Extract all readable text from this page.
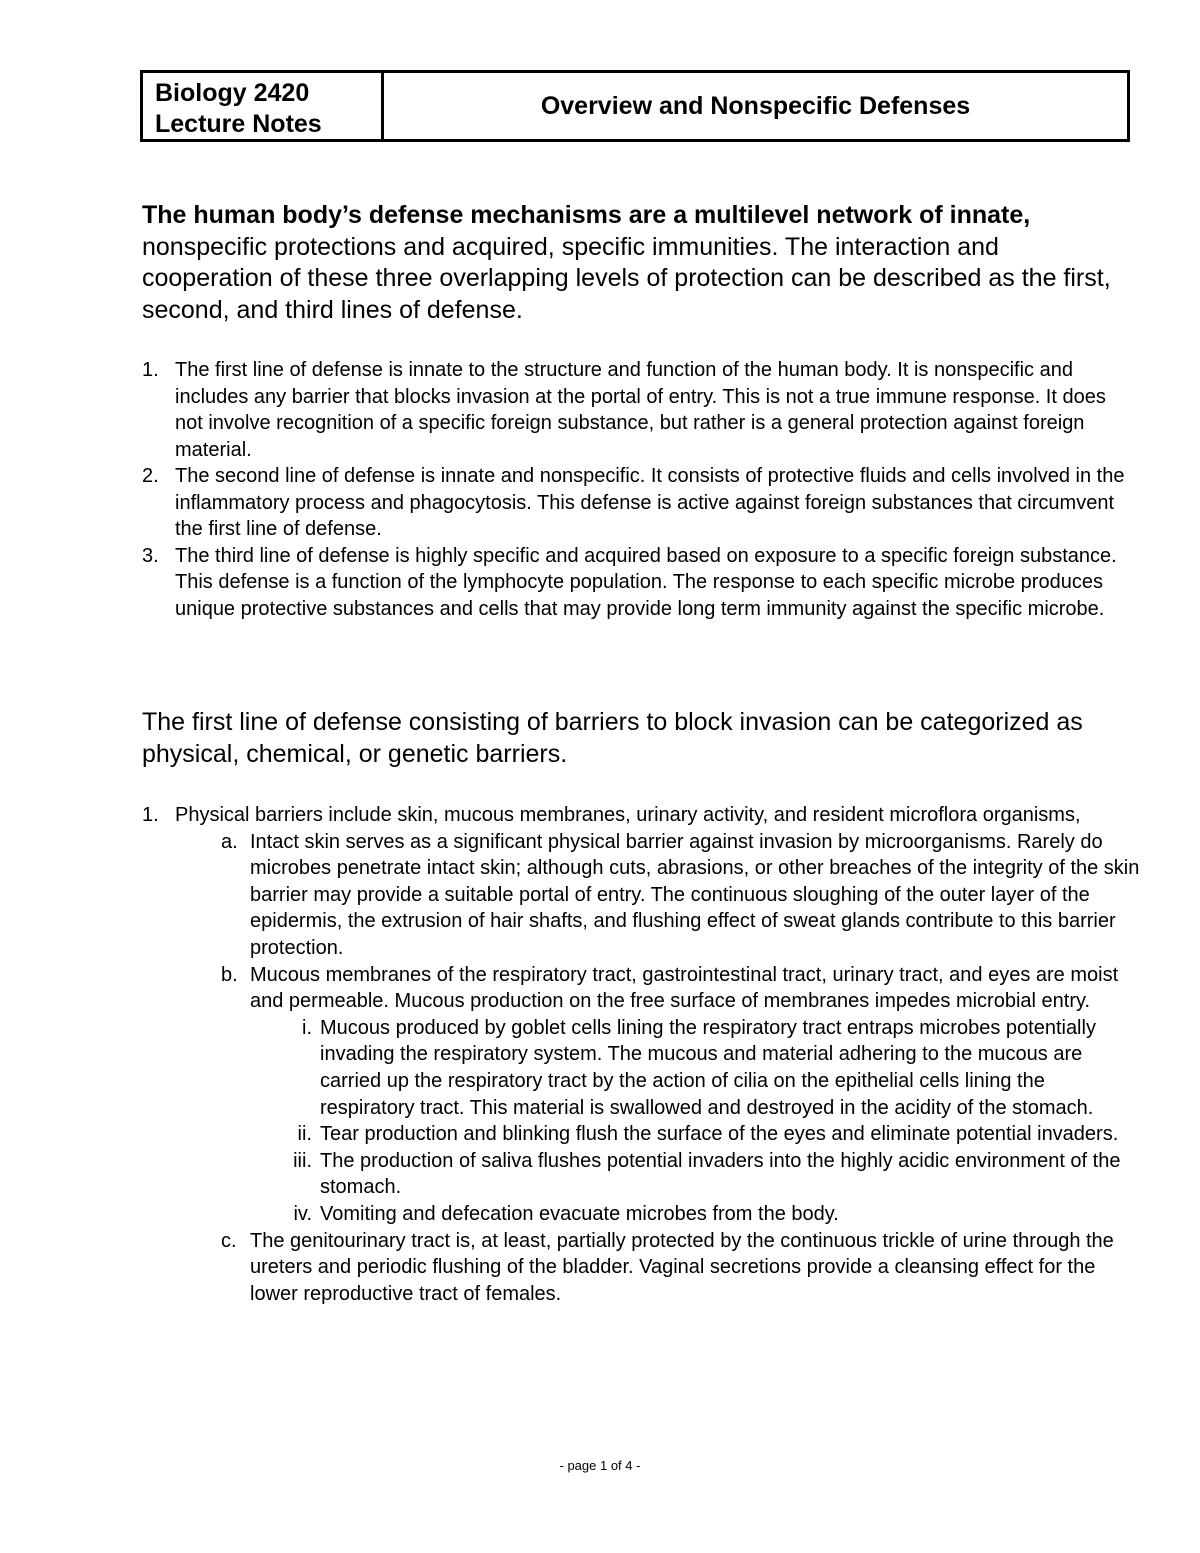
Biology 2420
Lecture Notes
Overview and Nonspecific Defenses
The human body’s defense mechanisms are a multilevel network of innate, nonspecific protections and acquired, specific immunities. The interaction and cooperation of these three overlapping levels of protection can be described as the first, second, and third lines of defense.
1. The first line of defense is innate to the structure and function of the human body. It is nonspecific and includes any barrier that blocks invasion at the portal of entry. This is not a true immune response. It does not involve recognition of a specific foreign substance, but rather is a general protection against foreign material.
2. The second line of defense is innate and nonspecific. It consists of protective fluids and cells involved in the inflammatory process and phagocytosis. This defense is active against foreign substances that circumvent the first line of defense.
3. The third line of defense is highly specific and acquired based on exposure to a specific foreign substance. This defense is a function of the lymphocyte population. The response to each specific microbe produces unique protective substances and cells that may provide long term immunity against the specific microbe.
The first line of defense consisting of barriers to block invasion can be categorized as physical, chemical, or genetic barriers.
1. Physical barriers include skin, mucous membranes, urinary activity, and resident microflora organisms,
a. Intact skin serves as a significant physical barrier against invasion by microorganisms. Rarely do microbes penetrate intact skin; although cuts, abrasions, or other breaches of the integrity of the skin barrier may provide a suitable portal of entry. The continuous sloughing of the outer layer of the epidermis, the extrusion of hair shafts, and flushing effect of sweat glands contribute to this barrier protection.
b. Mucous membranes of the respiratory tract, gastrointestinal tract, urinary tract, and eyes are moist and permeable. Mucous production on the free surface of membranes impedes microbial entry.
i. Mucous produced by goblet cells lining the respiratory tract entraps microbes potentially invading the respiratory system. The mucous and material adhering to the mucous are carried up the respiratory tract by the action of cilia on the epithelial cells lining the respiratory tract. This material is swallowed and destroyed in the acidity of the stomach.
ii. Tear production and blinking flush the surface of the eyes and eliminate potential invaders.
iii. The production of saliva flushes potential invaders into the highly acidic environment of the stomach.
iv. Vomiting and defecation evacuate microbes from the body.
c. The genitourinary tract is, at least, partially protected by the continuous trickle of urine through the ureters and periodic flushing of the bladder. Vaginal secretions provide a cleansing effect for the lower reproductive tract of females.
- page 1 of 4 -
